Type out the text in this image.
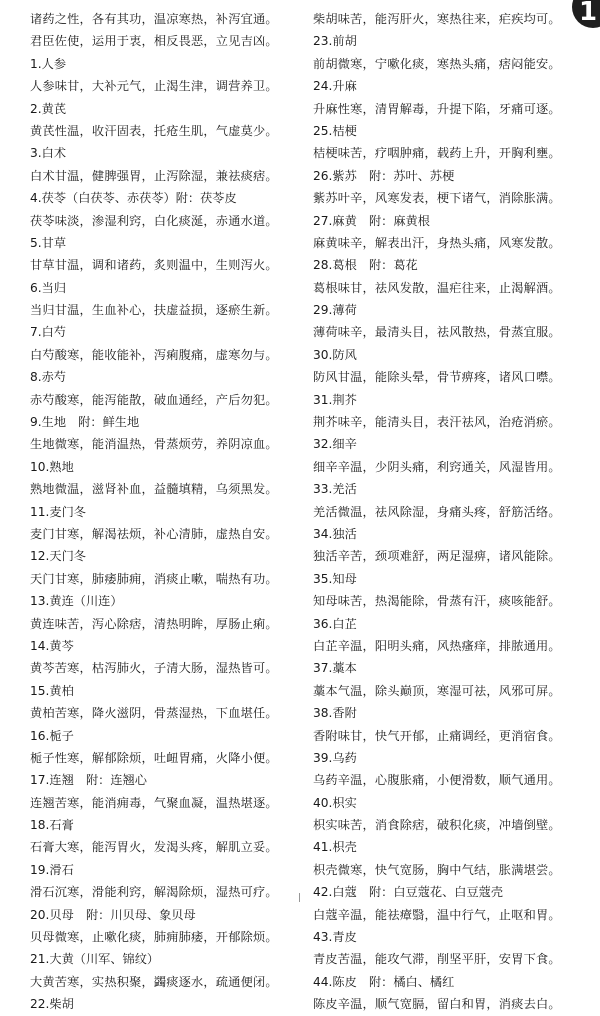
诸药之性，各有其功，温凉寒热，补泻宜通。
君臣佐使，运用于衷，相反畏恶，立见吉凶。
1.人参
人参味甘，大补元气，止渴生津，调营养卫。
2.黄芪
黄芪性温，收汗固表，托疮生肌，气虚莫少。
3.白术
白术甘温，健脾强胃，止泻除湿，兼祛痰痞。
4.茯苓（白茯苓、赤茯苓）附：茯苓皮
茯苓味淡，渗湿利窍，白化痰涎，赤通水道。
5.甘草
甘草甘温，调和诸药，炙则温中，生则泻火。
6.当归
当归甘温，生血补心，扶虚益损，逐瘀生新。
7.白芍
白芍酸寒，能收能补，泻痢腹痛，虚寒勿与。
8.赤芍
赤芍酸寒，能泻能散，破血通经，产后勿犯。
9.生地　附：鲜生地
生地微寒，能消温热，骨蒸烦劳，养阴凉血。
10.熟地
熟地微温，滋肾补血，益髓填精，乌须黑发。
11.麦门冬
麦门甘寒，解渴祛烦，补心清肺，虚热自安。
12.天门冬
天门甘寒，肺痿肺痈，消痰止嗽，喘热有功。
13.黄连（川连）
黄连味苦，泻心除痞，清热明眸，厚肠止痢。
14.黄芩
黄芩苦寒，枯泻肺火，子清大肠，湿热皆可。
15.黄柏
黄柏苦寒，降火滋阴，骨蒸湿热，下血堪任。
16.栀子
栀子性寒，解郁除烦，吐衄胃痛，火降小便。
17.连翘　附：连翘心
连翘苦寒，能消痈毒，气聚血凝，温热堪逐。
18.石膏
石膏大寒，能泻胃火，发渴头疼，解肌立妥。
19.滑石
滑石沉寒，滑能利窍，解渴除烦，湿热可疗。
20.贝母　附：川贝母、象贝母
贝母微寒，止嗽化痰，肺痈肺痿，开郁除烦。
21.大黄（川军、锦纹）
大黄苦寒，实热积聚，蠲痰逐水，疏通便闭。
22.柴胡
柴胡味苦，能泻肝火，寒热往来，疟疾均可。
23.前胡
前胡微寒，宁嗽化痰，寒热头痛，痞闷能安。
24.升麻
升麻性寒，清胃解毒，升提下陷，牙痛可逐。
25.桔梗
桔梗味苦，疗咽肿痛，载药上升，开胸利壅。
26.紫苏　附：苏叶、苏梗
紫苏叶辛，风寒发表，梗下诸气，消除胀满。
27.麻黄　附：麻黄根
麻黄味辛，解表出汗，身热头痛，风寒发散。
28.葛根　附：葛花
葛根味甘，祛风发散，温疟往来，止渴解酒。
29.薄荷
薄荷味辛，最清头目，祛风散热，骨蒸宜服。
30.防风
防风甘温，能除头晕，骨节痹疼，诸风口噤。
31.荆芥
荆芥味辛，能清头目，表汗祛风，治疮消瘀。
32.细辛
细辛辛温，少阴头痛，利窍通关，风湿皆用。
33.羌活
羌活微温，祛风除湿，身痛头疼，舒筋活络。
34.独活
独活辛苦，颈项难舒，两足湿痹，诸风能除。
35.知母
知母味苦，热渴能除，骨蒸有汗，痰咳能舒。
36.白芷
白芷辛温，阳明头痛，风热瘙痒，排脓通用。
37.藁本
藁本气温，除头巅顶，寒湿可祛，风邪可屏。
38.香附
香附味甘，快气开郁，止痛调经，更消宿食。
39.乌药
乌药辛温，心腹胀痛，小便滑数，顺气通用。
40.枳实
枳实味苦，消食除痞，破积化痰，冲墙倒壁。
41.枳壳
枳壳微寒，快气宽肠，胸中气结，胀满堪尝。
42.白蔻　附：白豆蔻花、白豆蔻壳
白蔻辛温，能祛瘴翳，温中行气，止呕和胃。
43.青皮
青皮苦温，能攻气滞，削坚平肝，安胃下食。
44.陈皮　附：橘白、橘红
陈皮辛温，顺气宽膈，留白和胃，消痰去白。
1
|
